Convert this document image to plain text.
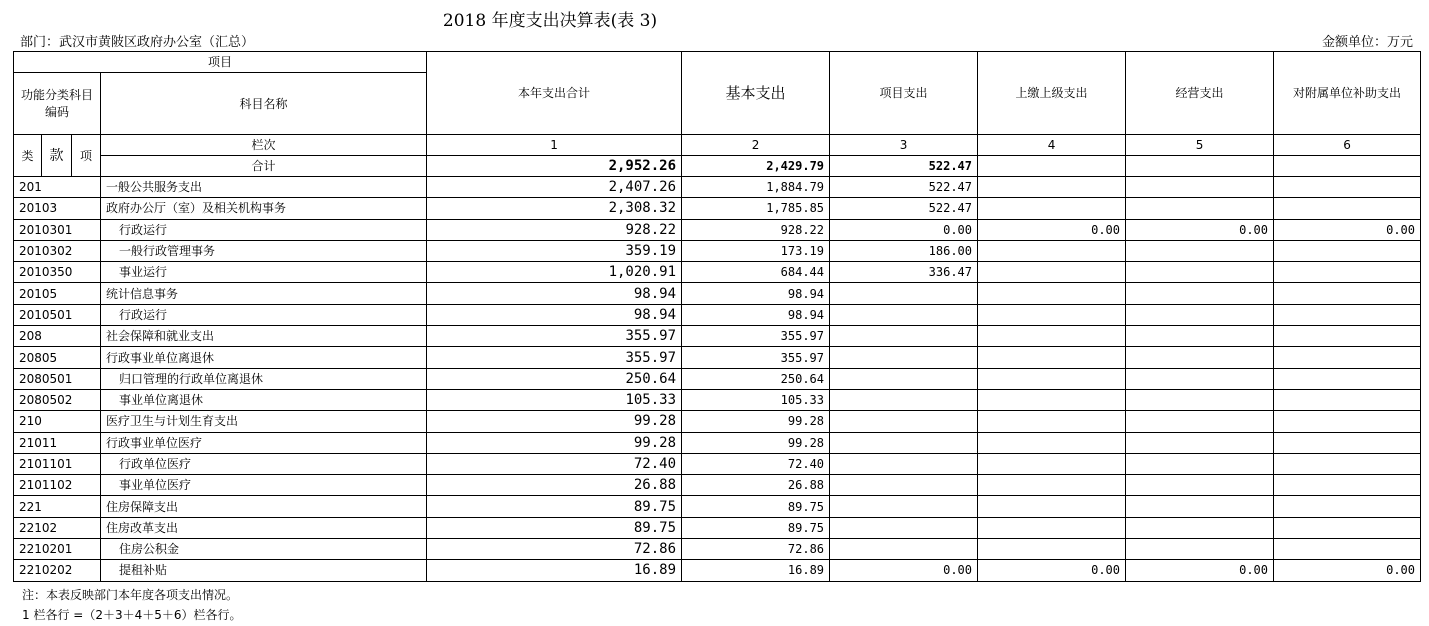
2018 年度支出决算表(表 3)
部门：武汉市黄陂区政府办公室（汇总）	金额单位：万元
项目				本年支出合计	基本支出	项目支出	上缴上级支出	经营支出	对附属单位补助支出
功能分类科目编码			科目名称						

类	款	项	栏次	1	2	3	4	5	6
			合计	2,952.26	2,429.79	522.47			
201			一般公共服务支出	2,407.26	1,884.79	522.47			
20103			政府办公厅（室）及相关机构事务	2,308.32	1,785.85	522.47			
2010301			行政运行	928.22	928.22	0.00	0.00	0.00	0.00
2010302			一般行政管理事务	359.19	173.19	186.00			
2010350			事业运行	1,020.91	684.44	336.47			
20105			统计信息事务	98.94	98.94				
2010501			行政运行	98.94	98.94				
208			社会保障和就业支出	355.97	355.97				
20805			行政事业单位离退休	355.97	355.97				
2080501			归口管理的行政单位离退休	250.64	250.64				
2080502			事业单位离退休	105.33	105.33				
210			医疗卫生与计划生育支出	99.28	99.28				
21011			行政事业单位医疗	99.28	99.28				
2101101			行政单位医疗	72.40	72.40				
2101102			事业单位医疗	26.88	26.88				
221			住房保障支出	89.75	89.75				
22102			住房改革支出	89.75	89.75				
2210201			住房公积金	72.86	72.86				
2210202			提租补贴	16.89	16.89	0.00	0.00	0.00	0.00
注：本表反映部门本年度各项支出情况。
1 栏各行 =（2＋3＋4＋5＋6）栏各行。
